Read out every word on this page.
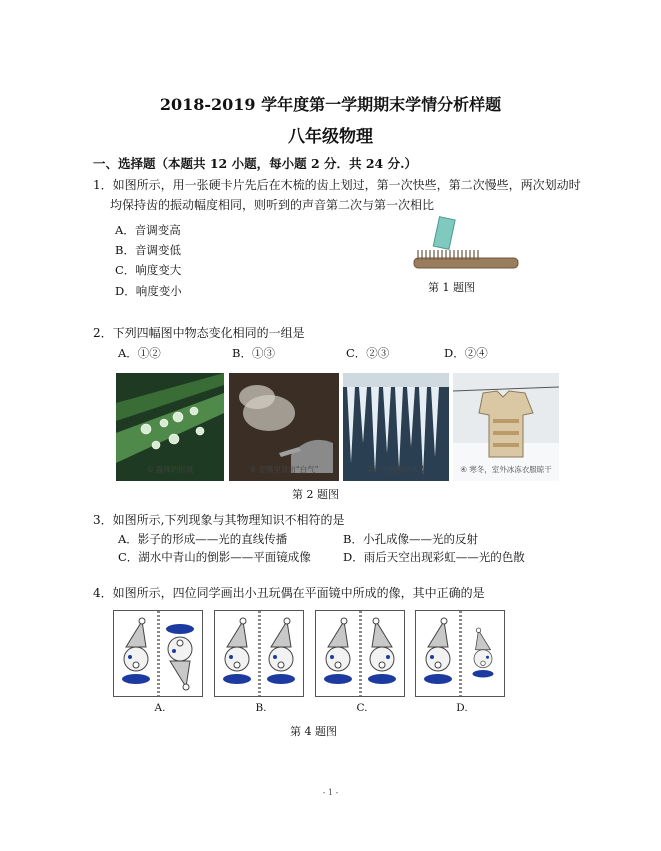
2018-2019 学年度第一学期期末学情分析样题
八年级物理
一、选择题（本题共 12 小题，每小题 2 分．共 24 分.）
1．如图所示，用一张硬卡片先后在木梳的齿上划过，第一次快些，第二次慢些，两次划动时
均保持齿的振动幅度相同，则听到的声音第二次与第一次相比
A．音调变高
B．音调变低
C．响度变大
D．响度变小	第 1 题图
2．下列四幅图中物态变化相同的一组是
A．①②	B．①③	C．②③	D．②④
① 露珠的形成	② 壶嘴里冒出“白气”	③正在消融的冰凌	④ 寒冬，室外冰冻衣服晾干
第 2 题图
3．如图所示,下列现象与其物理知识不相符的是
A．影子的形成——光的直线传播	B．小孔成像——光的反射
C．湖水中青山的倒影——平面镜成像	D．雨后天空出现彩虹——光的色散
4．如图所示，四位同学画出小丑玩偶在平面镜中所成的像，其中正确的是
A.	B.	C.	D.
第 4 题图
- 1 -
